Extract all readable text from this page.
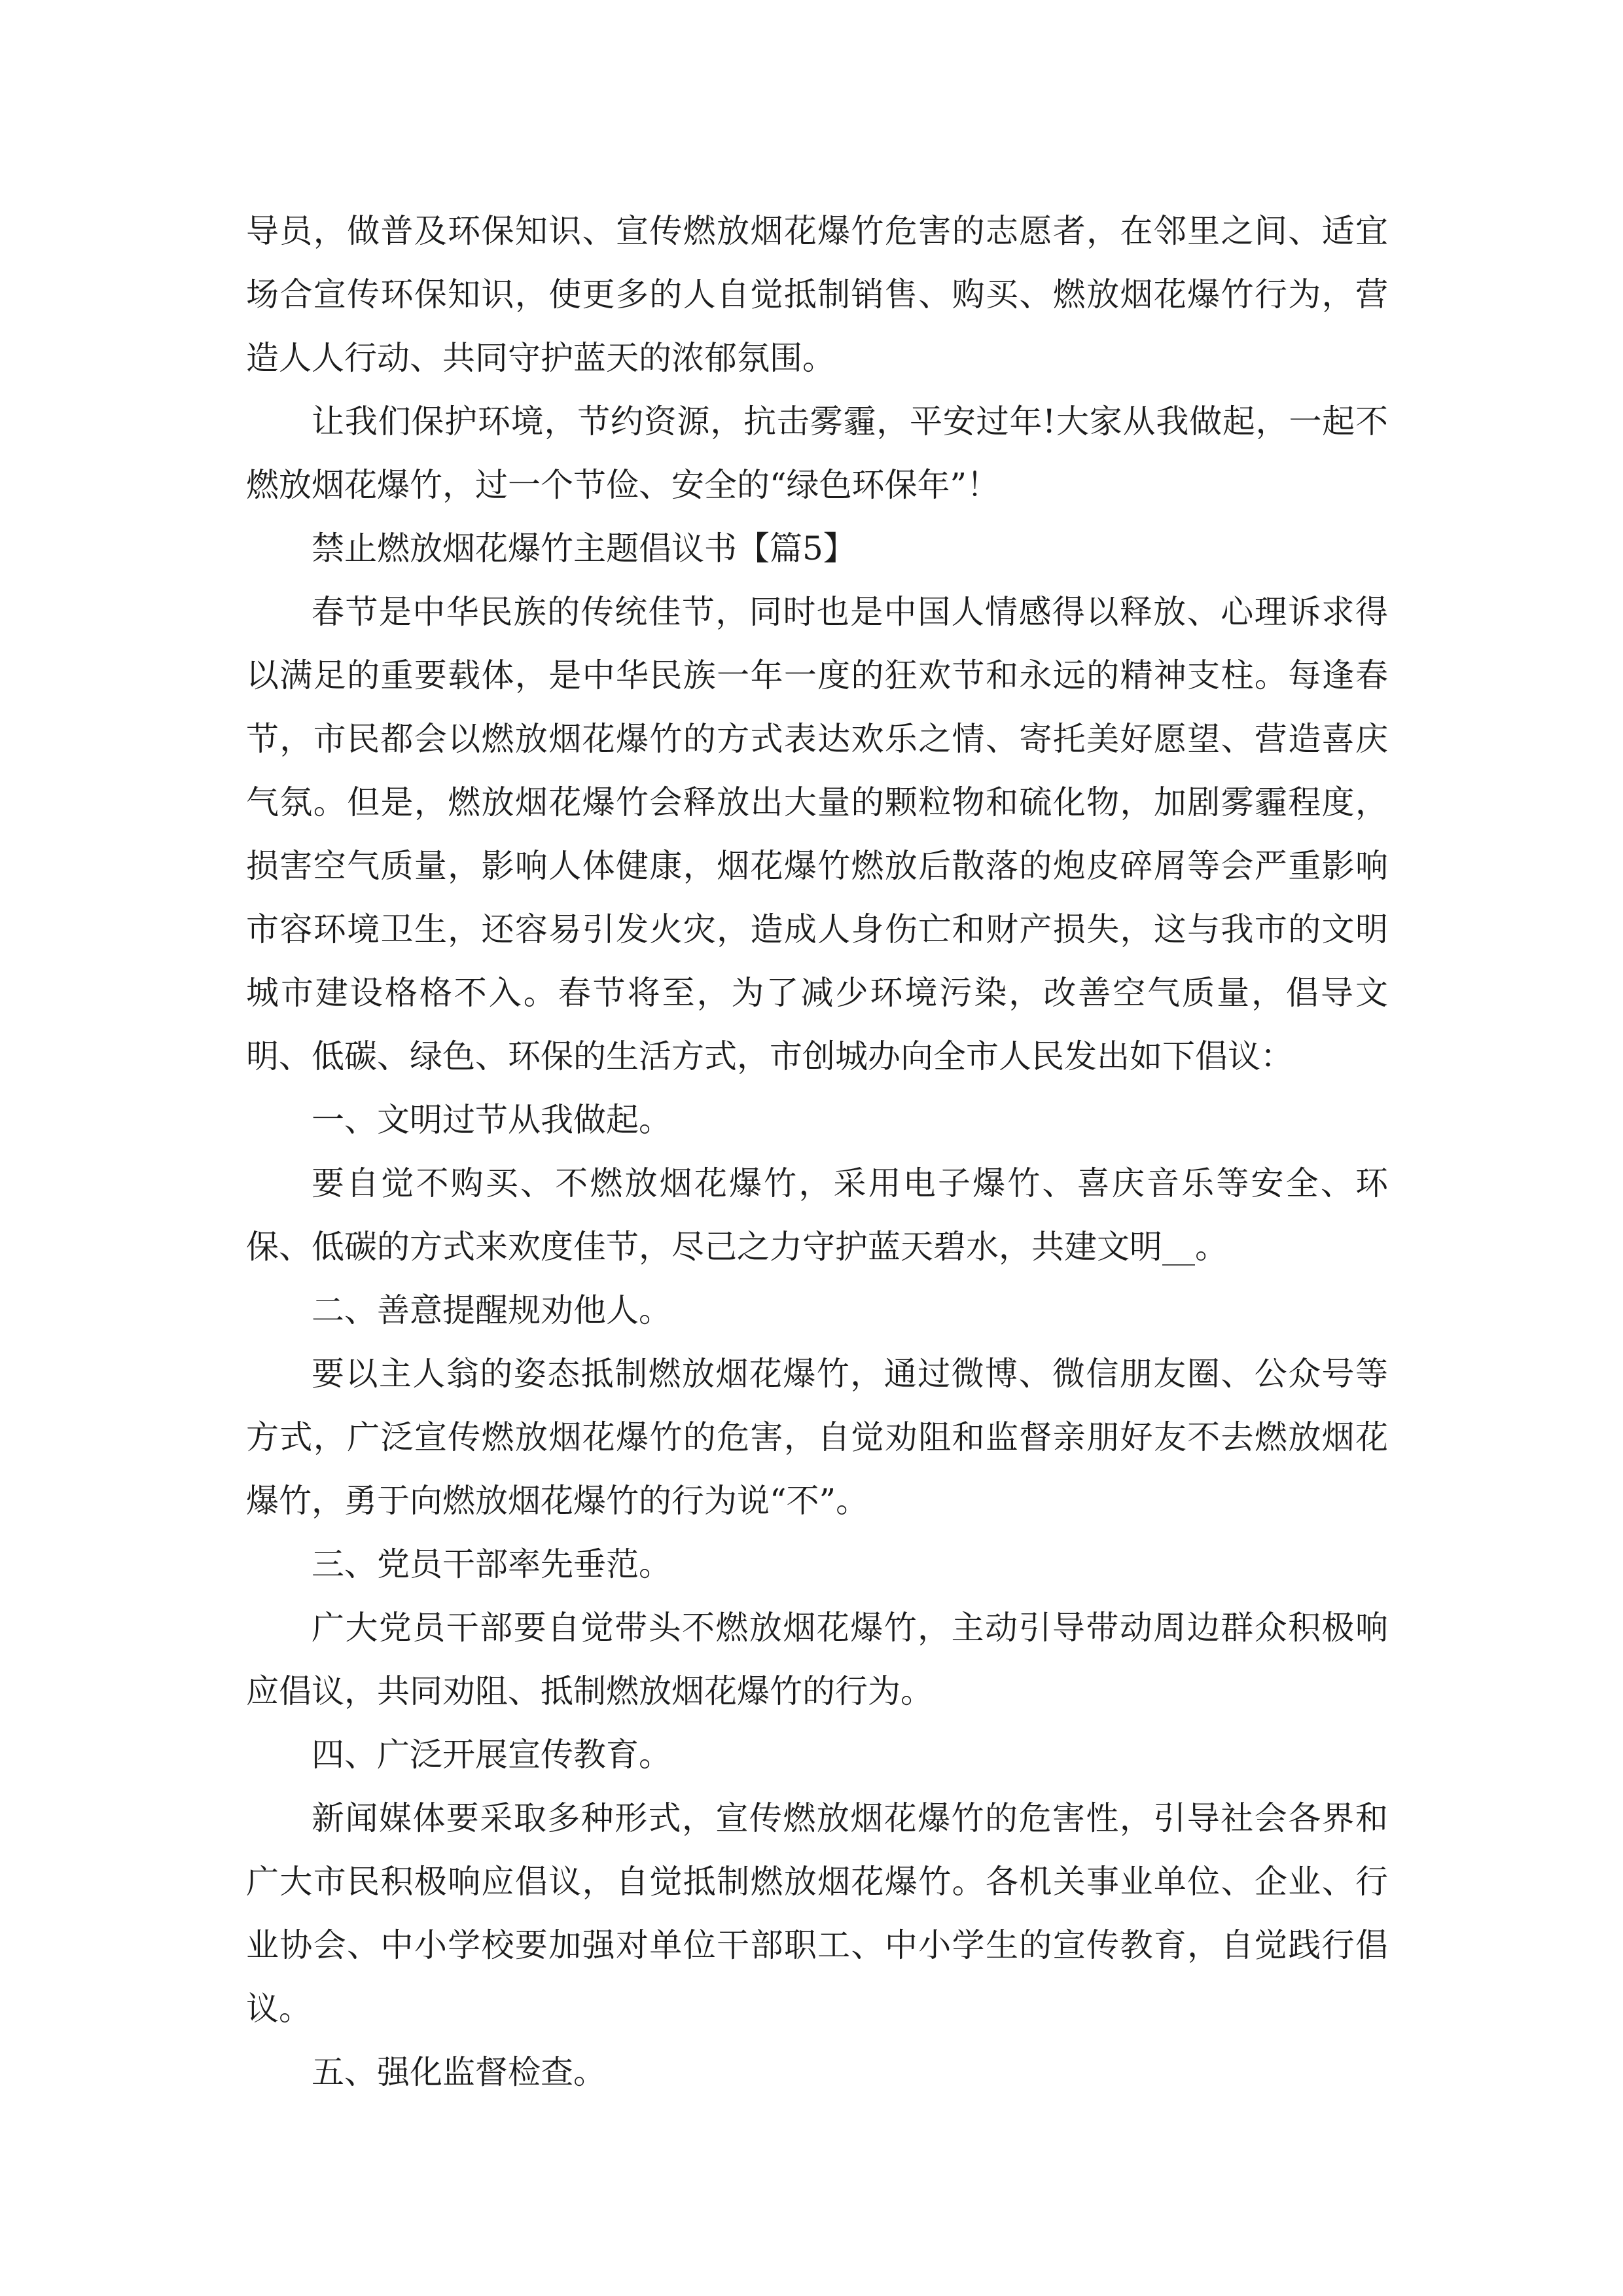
导员，做普及环保知识、宣传燃放烟花爆竹危害的志愿者，在邻里之间、适宜场合宣传环保知识，使更多的人自觉抵制销售、购买、燃放烟花爆竹行为，营造人人行动、共同守护蓝天的浓郁氛围。

让我们保护环境，节约资源，抗击雾霾，平安过年!大家从我做起，一起不燃放烟花爆竹，过一个节俭、安全的“绿色环保年”！

禁止燃放烟花爆竹主题倡议书【篇5】

春节是中华民族的传统佳节，同时也是中国人情感得以释放、心理诉求得以满足的重要载体，是中华民族一年一度的狂欢节和永远的精神支柱。每逢春节，市民都会以燃放烟花爆竹的方式表达欢乐之情、寄托美好愿望、营造喜庆气氛。但是，燃放烟花爆竹会释放出大量的颗粒物和硫化物，加剧雾霾程度，损害空气质量，影响人体健康，烟花爆竹燃放后散落的炮皮碎屑等会严重影响市容环境卫生，还容易引发火灾，造成人身伤亡和财产损失，这与我市的文明城市建设格格不入。春节将至，为了减少环境污染，改善空气质量，倡导文明、低碳、绿色、环保的生活方式，市创城办向全市人民发出如下倡议：

一、文明过节从我做起。

要自觉不购买、不燃放烟花爆竹，采用电子爆竹、喜庆音乐等安全、环保、低碳的方式来欢度佳节，尽己之力守护蓝天碧水，共建文明__。

二、善意提醒规劝他人。

要以主人翁的姿态抵制燃放烟花爆竹，通过微博、微信朋友圈、公众号等方式，广泛宣传燃放烟花爆竹的危害，自觉劝阻和监督亲朋好友不去燃放烟花爆竹，勇于向燃放烟花爆竹的行为说“不”。

三、党员干部率先垂范。

广大党员干部要自觉带头不燃放烟花爆竹，主动引导带动周边群众积极响应倡议，共同劝阻、抵制燃放烟花爆竹的行为。

四、广泛开展宣传教育。

新闻媒体要采取多种形式，宣传燃放烟花爆竹的危害性，引导社会各界和广大市民积极响应倡议，自觉抵制燃放烟花爆竹。各机关事业单位、企业、行业协会、中小学校要加强对单位干部职工、中小学生的宣传教育，自觉践行倡议。

五、强化监督检查。
